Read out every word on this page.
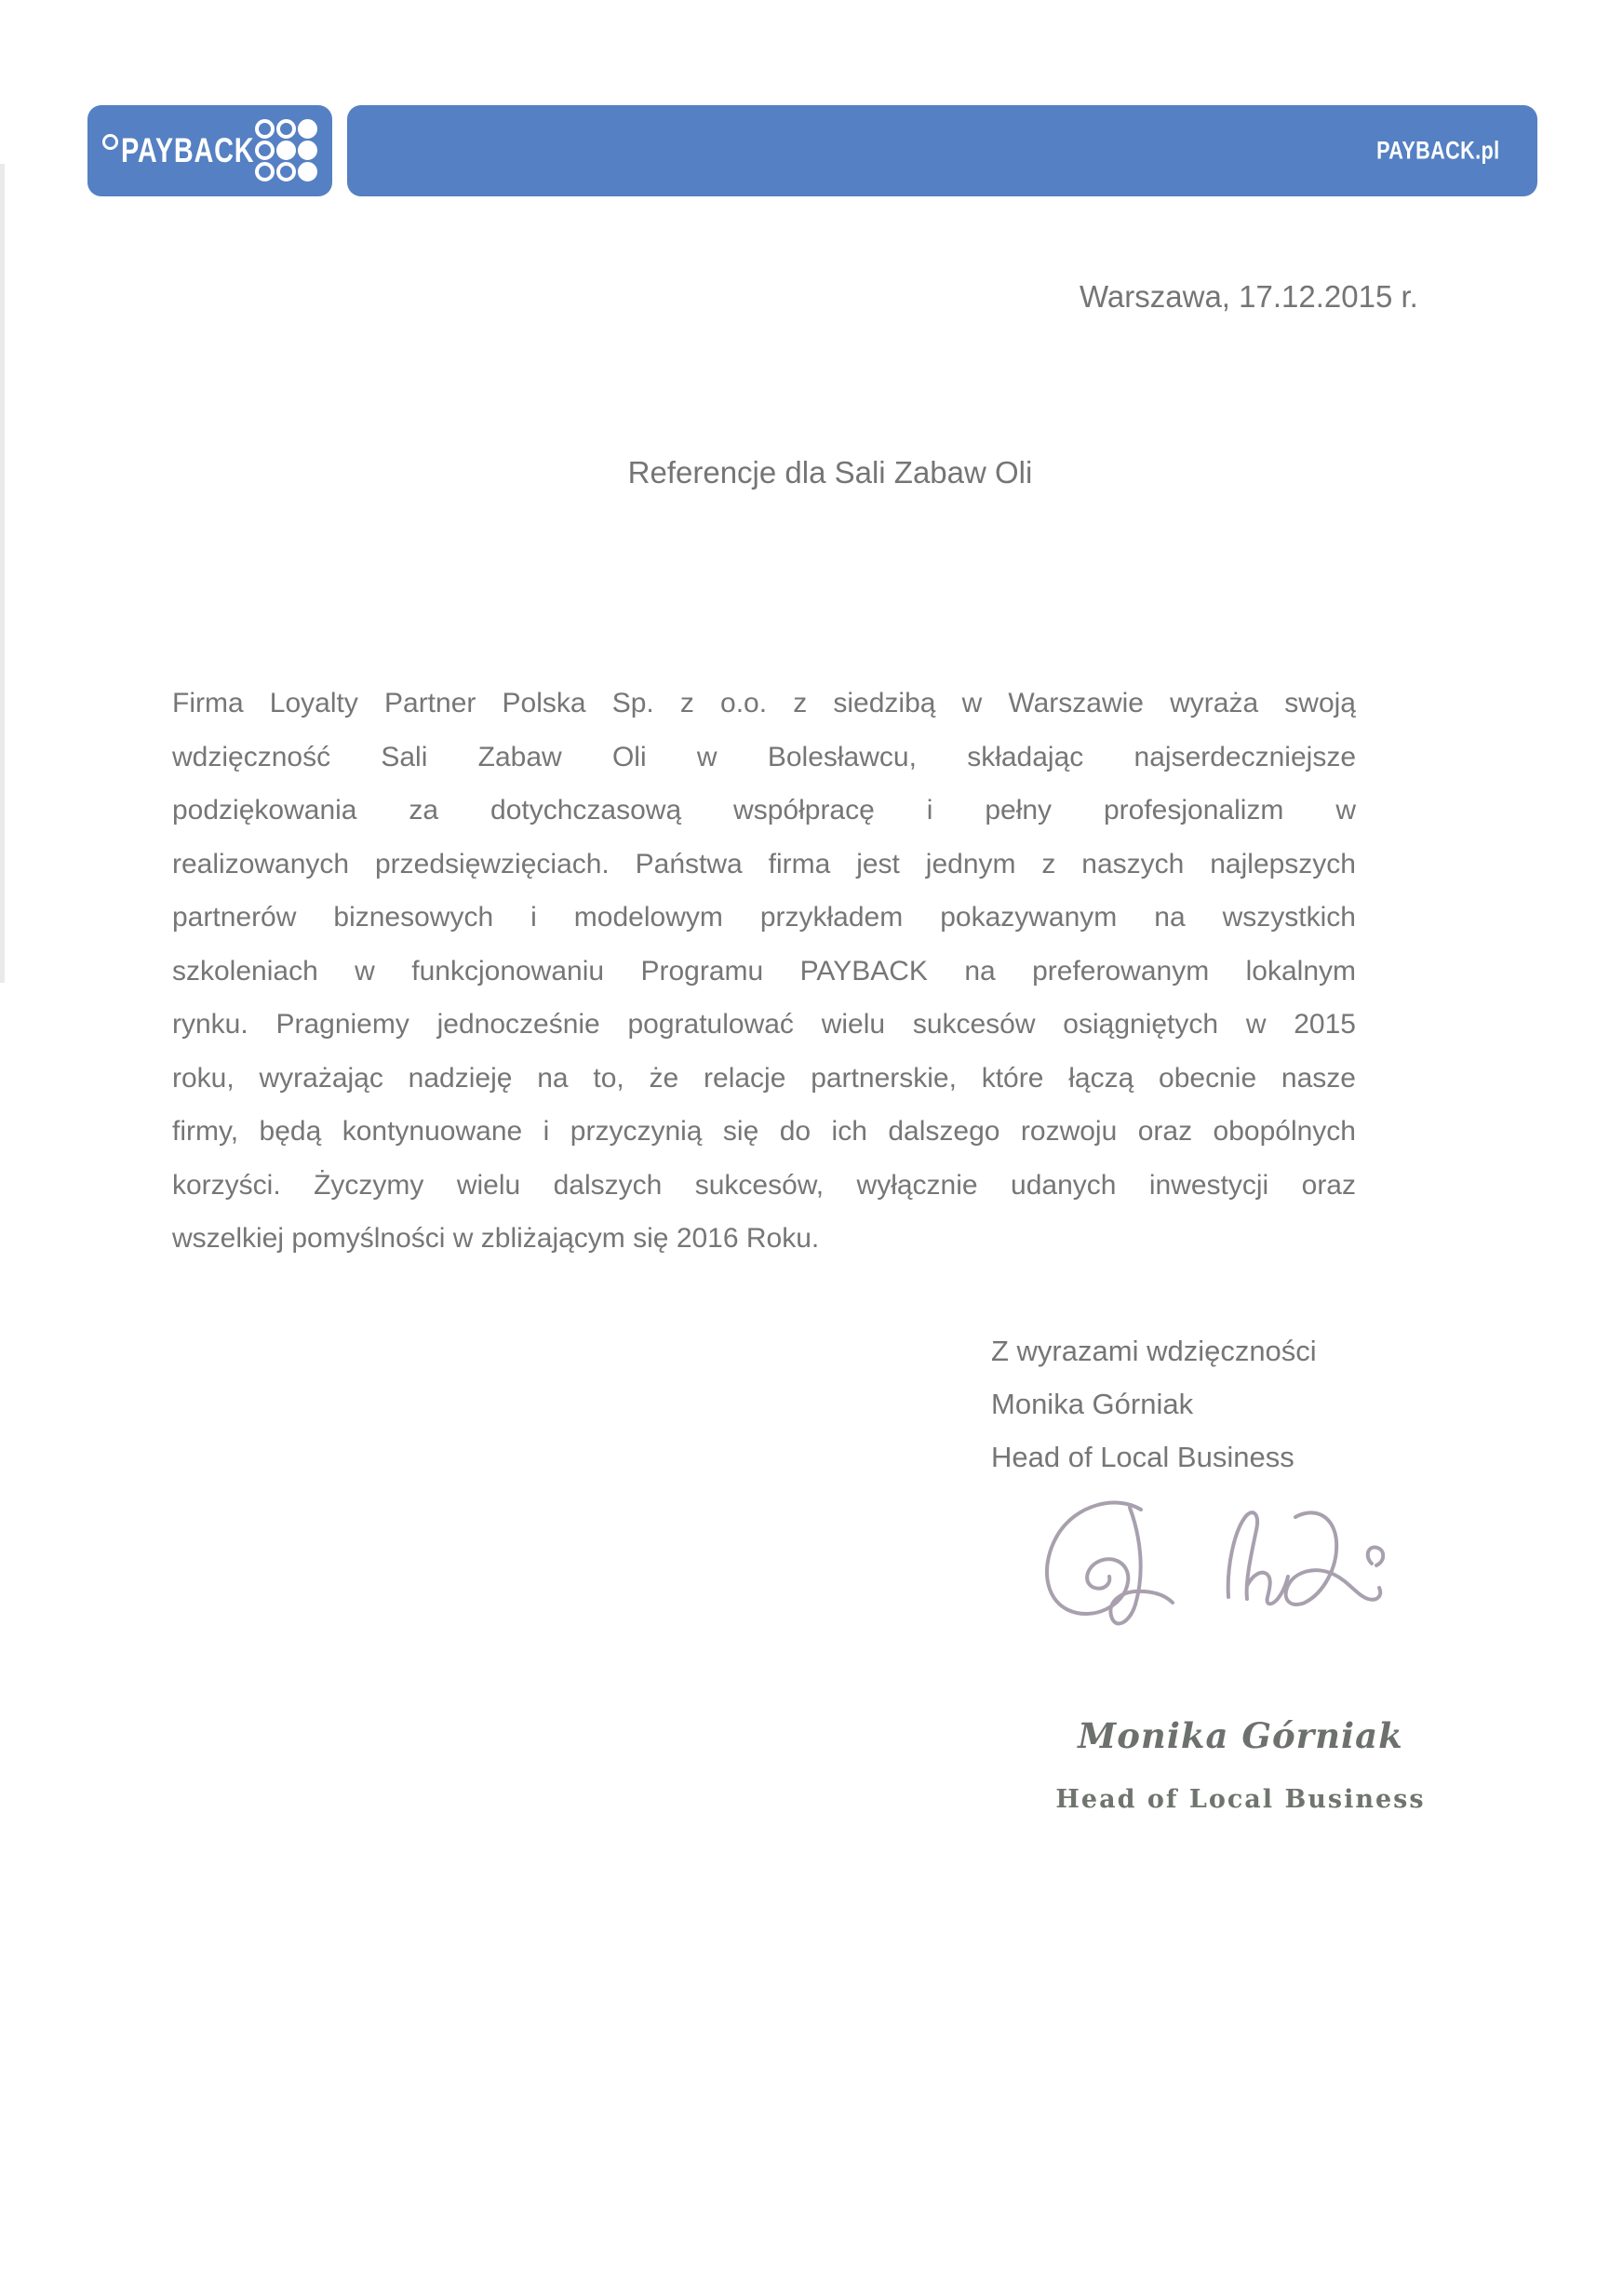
PAYBACK	PAYBACK.pl
Warszawa, 17.12.2015 r.
Referencje dla Sali Zabaw Oli
Firma Loyalty Partner Polska Sp. z o.o. z siedzibą w Warszawie wyraża swoją
wdzięczność Sali Zabaw Oli w Bolesławcu, składając najserdeczniejsze
podziękowania za dotychczasową współpracę i pełny profesjonalizm w
realizowanych przedsięwzięciach. Państwa firma jest jednym z naszych najlepszych
partnerów biznesowych i modelowym przykładem pokazywanym na wszystkich
szkoleniach w funkcjonowaniu Programu PAYBACK na preferowanym lokalnym
rynku. Pragniemy jednocześnie pogratulować wielu sukcesów osiągniętych w 2015
roku, wyrażając nadzieję na to, że relacje partnerskie, które łączą obecnie nasze
firmy, będą kontynuowane i przyczynią się do ich dalszego rozwoju oraz obopólnych
korzyści. Życzymy wielu dalszych sukcesów, wyłącznie udanych inwestycji oraz
wszelkiej pomyślności w zbliżającym się 2016 Roku.
Z wyrazami wdzięczności
Monika Górniak
Head of Local Business
Monika Górniak
Head of Local Business
